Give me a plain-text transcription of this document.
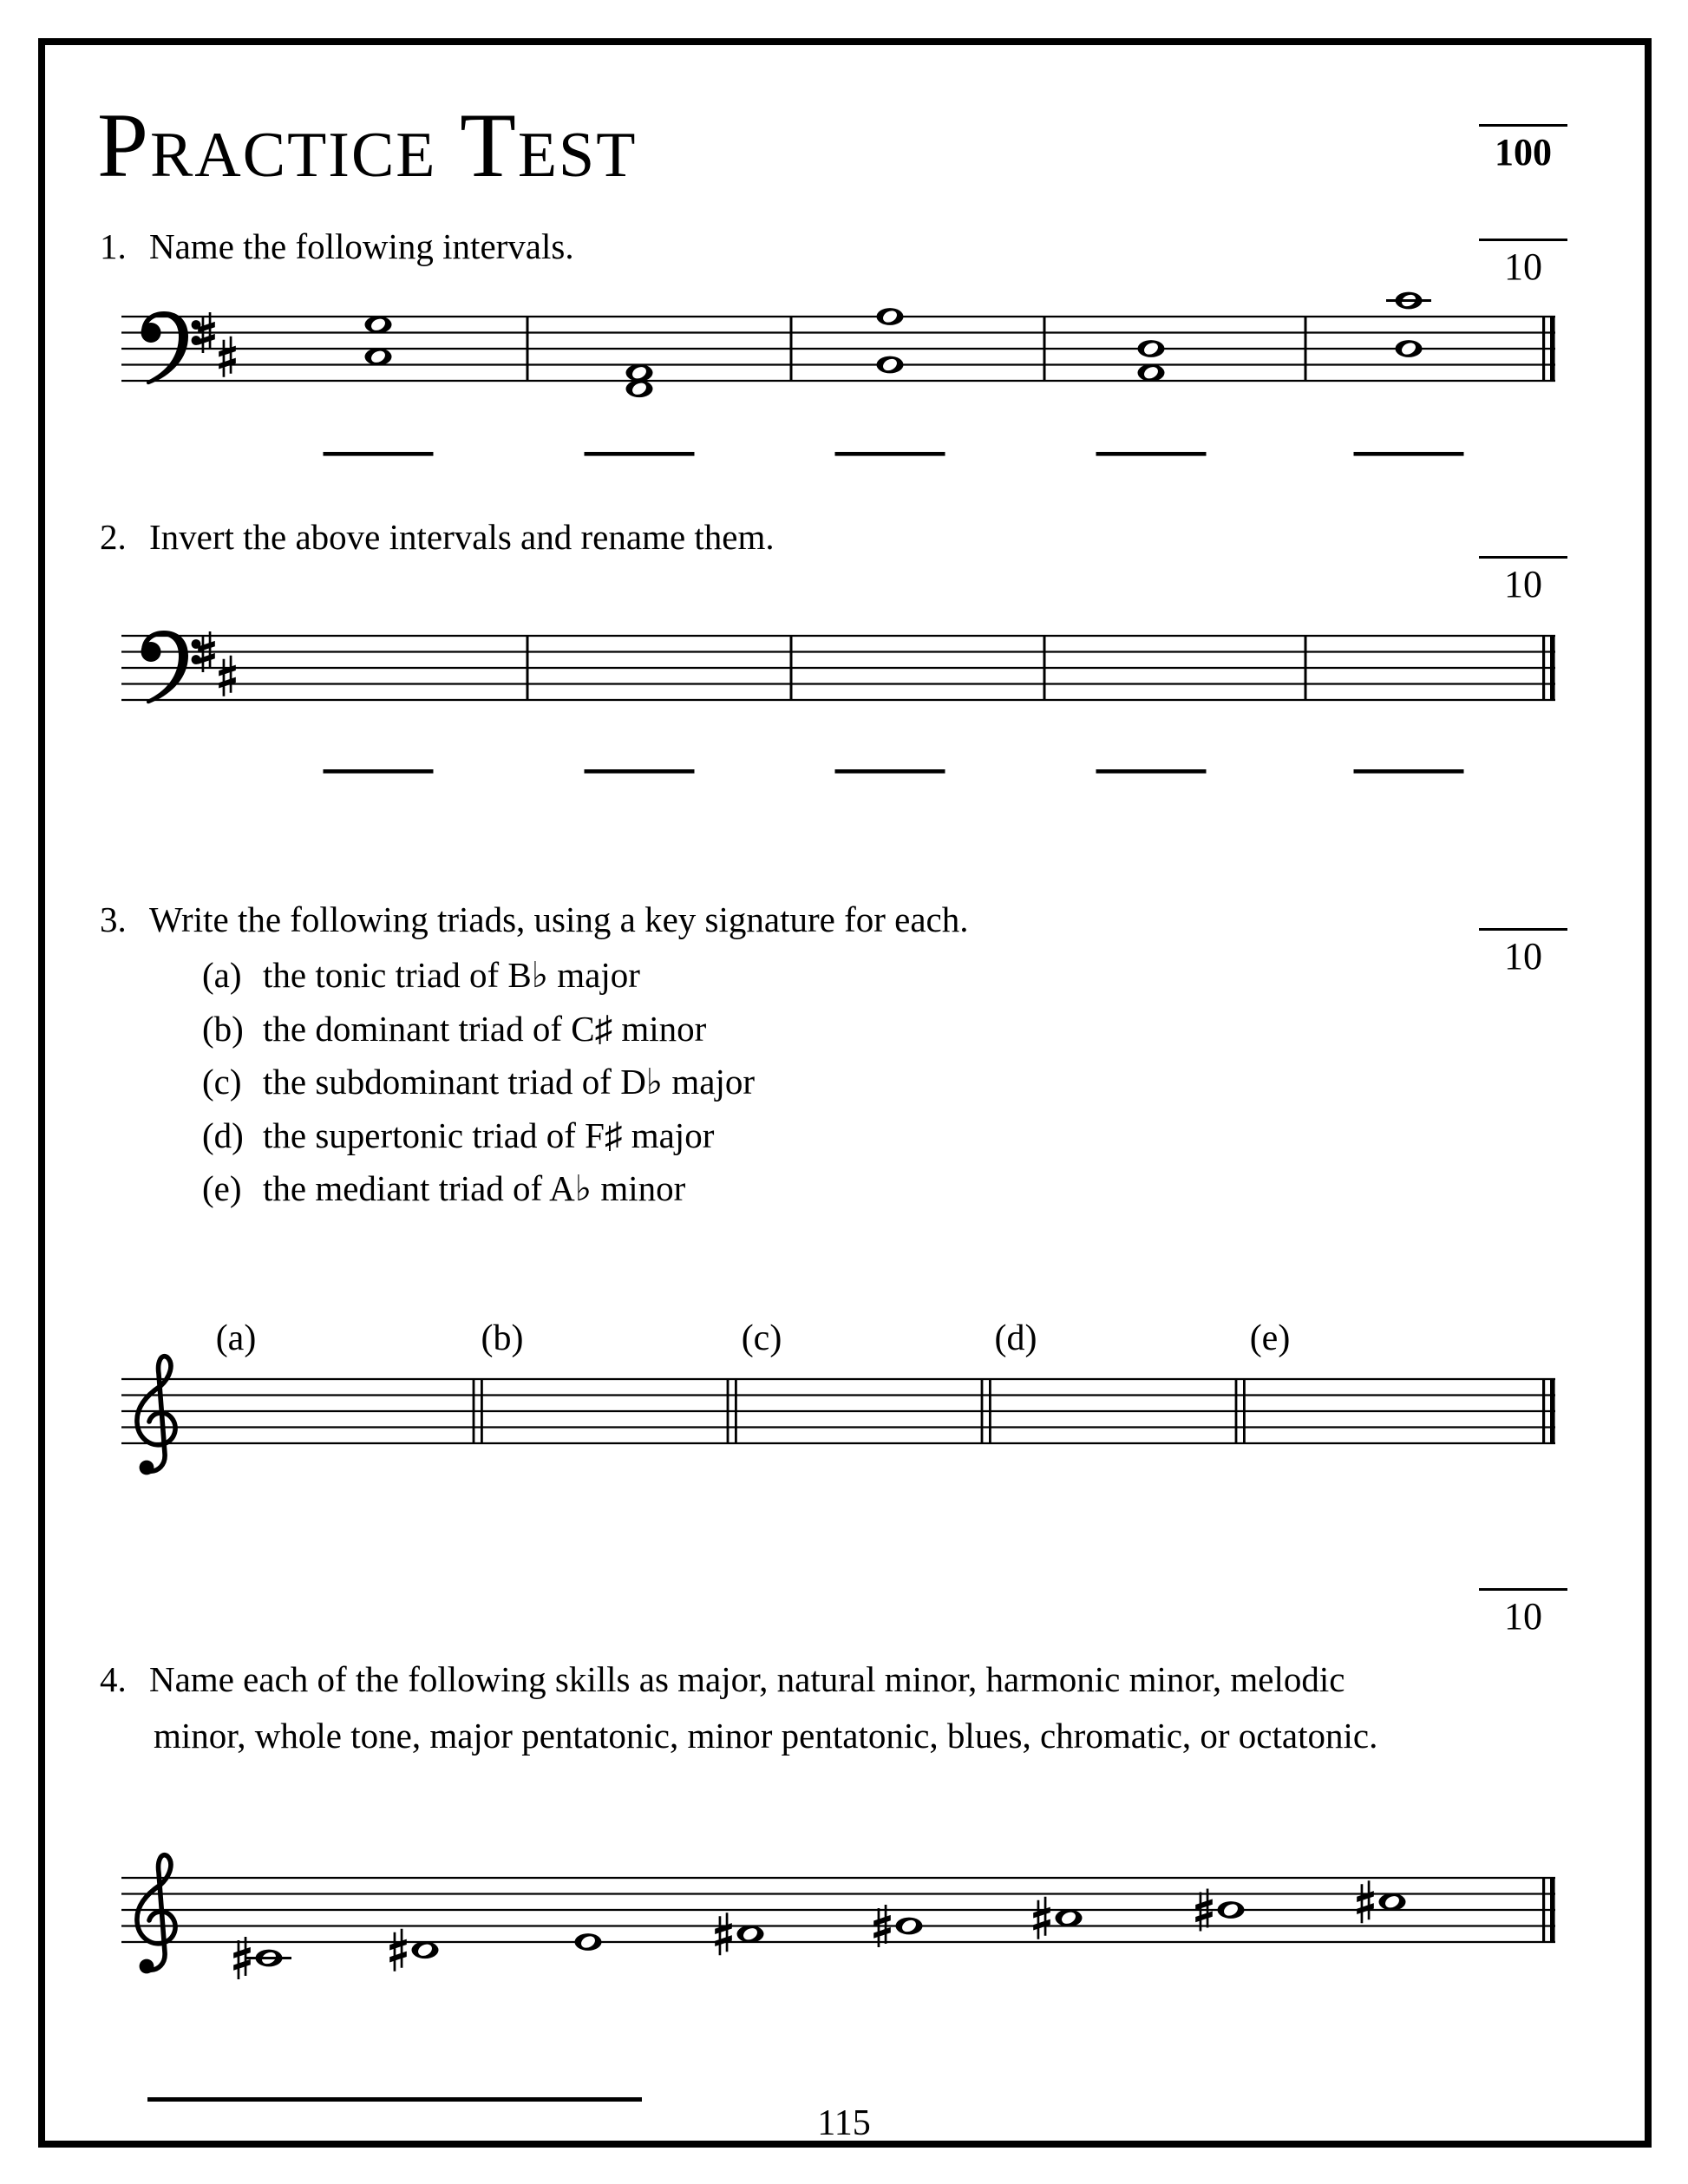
Practice Test	100
10
10
10
10
1. Name the following intervals.
2. Invert the above intervals and rename them.
3. Write the following triads, using a key signature for each.
(a) the tonic triad of B♭ major
(b) the dominant triad of C♯ minor
(c) the subdominant triad of D♭ major
(d) the supertonic triad of F♯ major
(e) the mediant triad of A♭ minor
4. Name each of the following skills as major, natural minor, harmonic minor, melodic
minor, whole tone, major pentatonic, minor pentatonic, blues, chromatic, or octatonic.
115
(a)	(b)	(c)	(d)	(e)
